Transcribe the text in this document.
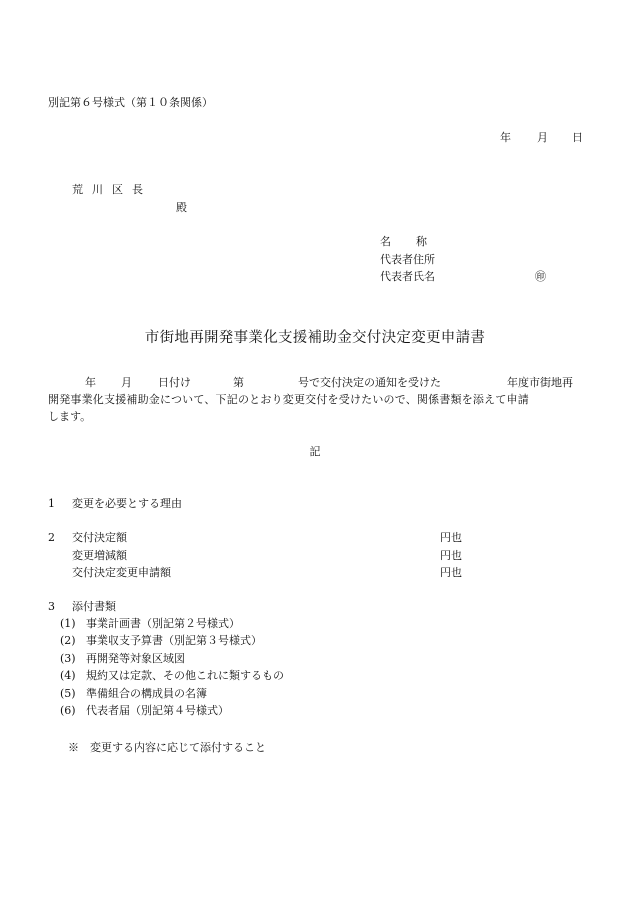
別記第６号様式（第１０条関係）
年 月 日
荒川区長
殿
名　　称
代表者住所
代表者氏名	㊞
市街地再開発事業化支援補助金交付決定変更申請書
年 月 日付け	第	号で交付決定の通知を受けた	年度市街地再
開発事業化支援補助金について、下記のとおり変更交付を受けたいので、関係書類を添えて申請
します。
記
1 変更を必要とする理由
2 交付決定額	円也
変更増減額	円也
交付決定変更申請額	円也
3 添付書類
(1) 事業計画書（別記第２号様式）
(2) 事業収支予算書（別記第３号様式）
(3) 再開発等対象区域図
(4) 規約又は定款、その他これに類するもの
(5) 準備組合の構成員の名簿
(6) 代表者届（別記第４号様式）
※　変更する内容に応じて添付すること
